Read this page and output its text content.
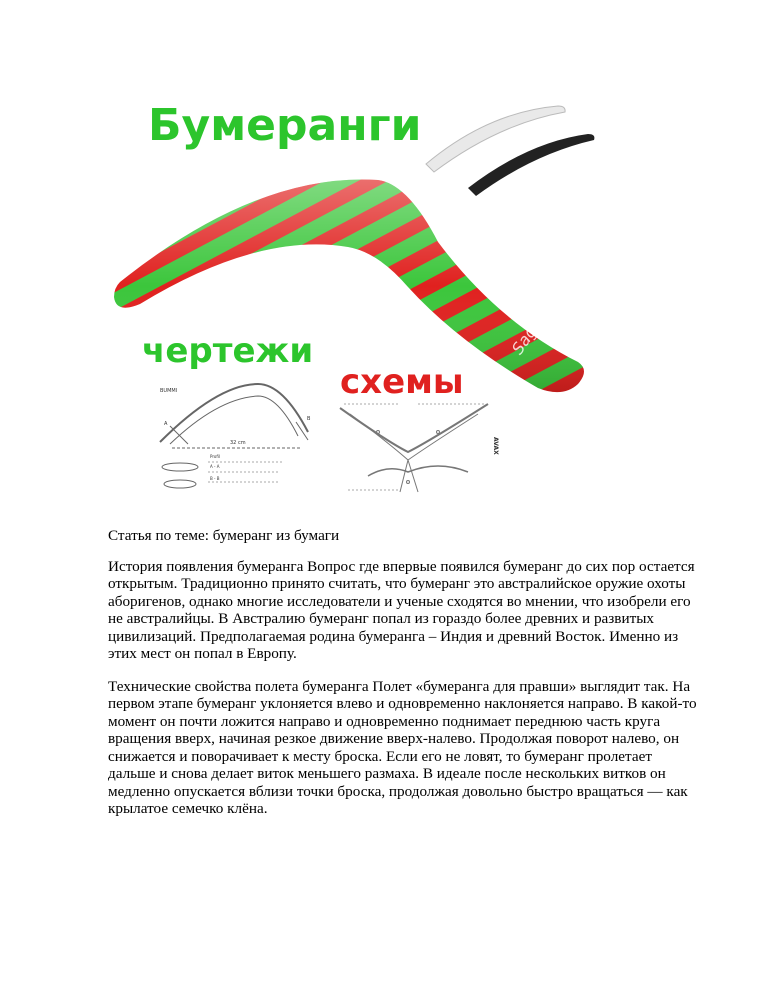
Бумеранги
Saga
чертежи
схемы
BUMMI
A
B
32 cm
Profil
A - A
B - B
AVAX

Статья по теме: бумеранг из бумаги

История появления бумеранга Вопрос где впервые появился бумеранг до сих пор остается открытым. Традиционно принято считать, что бумеранг это австралийское оружие охоты аборигенов, однако многие исследователи и ученые сходятся во мнении, что изобрели его не австралийцы. В Австралию бумеранг попал из гораздо более древних и развитых цивилизаций. Предполагаемая родина бумеранга – Индия и древний Восток. Именно из этих мест он попал в Европу.

Технические свойства полета бумеранга Полет «бумеранга для правши» выглядит так. На первом этапе бумеранг уклоняется влево и одновременно наклоняется направо. В какой-то момент он почти ложится направо и одновременно поднимает переднюю часть круга вращения вверх, начиная резкое движение вверх-налево. Продолжая поворот налево, он снижается и поворачивает к месту броска. Если его не ловят, то бумеранг пролетает дальше и снова делает виток меньшего размаха. В идеале после нескольких витков он медленно опускается вблизи точки броска, продолжая довольно быстро вращаться — как крылатое семечко клёна.
